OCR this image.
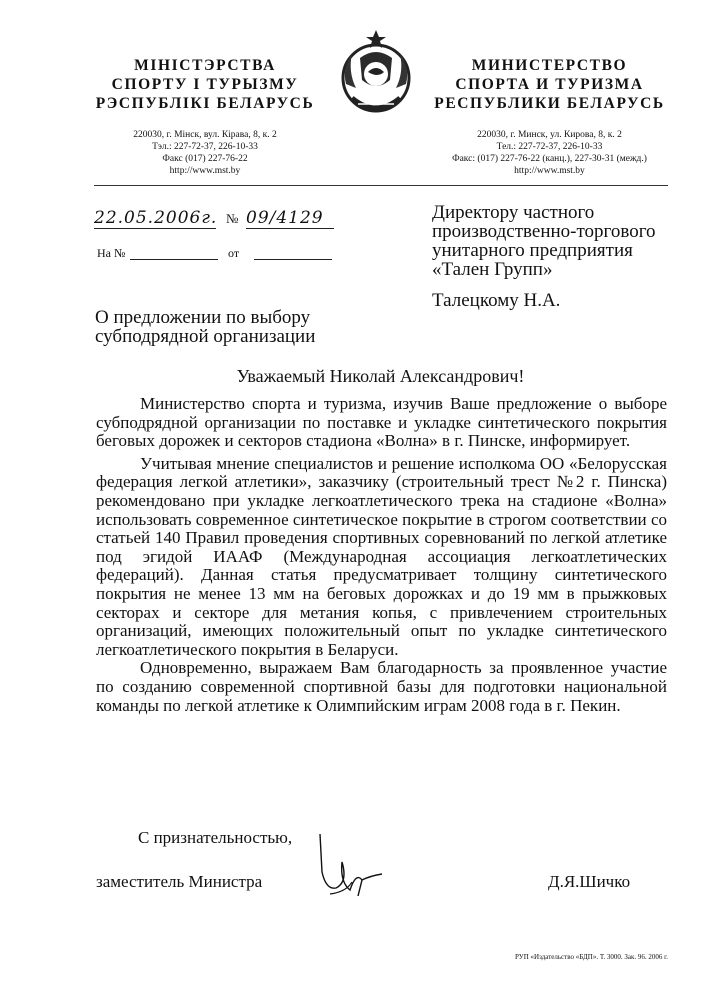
МІНІСТЭРСТВА
СПОРТУ І ТУРЫЗМУ
РЭСПУБЛІКІ БЕЛАРУСЬ
220030, г. Мінск, вул. Кірава, 8, к. 2
Тэл.: 227-72-37, 226-10-33
Факс (017) 227-76-22
http://www.mst.by
МИНИСТЕРСТВО
СПОРТА И ТУРИЗМА
РЕСПУБЛИКИ БЕЛАРУСЬ
220030, г. Минск, ул. Кирова, 8, к. 2
Тел.: 227-72-37, 226-10-33
Факс: (017) 227-76-22 (канц.), 227-30-31 (межд.)
http://www.mst.by
22.05.2006г. № 09/4129
На №	от
Директору частного
производственно-торгового
унитарного предприятия
«Тален Групп»
Талецкому Н.А.
О предложении по выбору
субподрядной организации
Уважаемый Николай Александрович!

Министерство спорта и туризма, изучив Ваше предложение о выборе субподрядной организации по поставке и укладке синтетического покрытия беговых дорожек и секторов стадиона «Волна» в г. Пинске, информирует.

Учитывая мнение специалистов и решение исполкома ОО «Белорусская федерация легкой атлетики», заказчику (строительный трест №2 г. Пинска) рекомендовано при укладке легкоатлетического трека на стадионе «Волна» использовать современное синтетическое покрытие в строгом соответствии со статьей 140 Правил проведения спортивных соревнований по легкой атлетике под эгидой ИААФ (Международная ассоциация легкоатлетических федераций). Данная статья предусматривает толщину синтетического покрытия не менее 13 мм на беговых дорожках и до 19 мм в прыжковых секторах и секторе для метания копья, с привлечением строительных организаций, имеющих положительный опыт по укладке синтетического легкоатлетического покрытия в Беларуси.

Одновременно, выражаем Вам благодарность за проявленное участие по созданию современной спортивной базы для подготовки национальной команды по легкой атлетике к Олимпийским играм 2008 года в г. Пекин.

С признательностью,
заместитель Министра	Д.Я.Шичко
РУП «Издательство «БДП». Т. 3000. Зак. 96. 2006 г.
